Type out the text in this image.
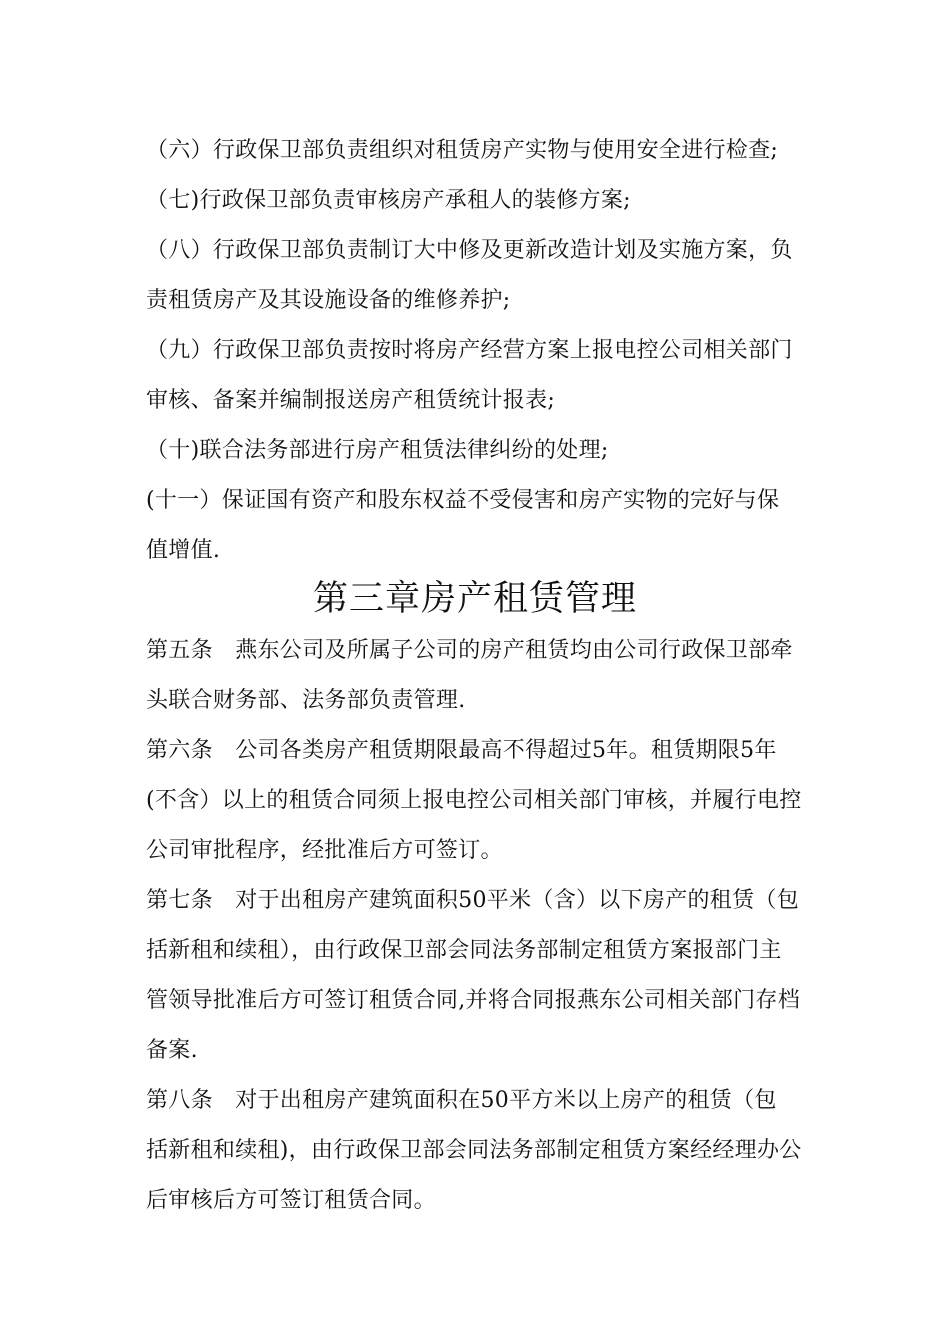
（六）行政保卫部负责组织对租赁房产实物与使用安全进行检查;
（七)行政保卫部负责审核房产承租人的装修方案;
（八）行政保卫部负责制订大中修及更新改造计划及实施方案，负
责租赁房产及其设施设备的维修养护;
（九）行政保卫部负责按时将房产经营方案上报电控公司相关部门
审核、备案并编制报送房产租赁统计报表;
（十)联合法务部进行房产租赁法律纠纷的处理;
(十一）保证国有资产和股东权益不受侵害和房产实物的完好与保
值增值.
第三章房产租赁管理
第五条　燕东公司及所属子公司的房产租赁均由公司行政保卫部牵
头联合财务部、法务部负责管理.
第六条　公司各类房产租赁期限最高不得超过5年。租赁期限5年
(不含）以上的租赁合同须上报电控公司相关部门审核，并履行电控
公司审批程序，经批准后方可签订。
第七条　对于出租房产建筑面积50平米（含）以下房产的租赁（包
括新租和续租），由行政保卫部会同法务部制定租赁方案报部门主
管领导批准后方可签订租赁合同,并将合同报燕东公司相关部门存档
备案.
第八条　对于出租房产建筑面积在50平方米以上房产的租赁（包
括新租和续租)，由行政保卫部会同法务部制定租赁方案经经理办公
后审核后方可签订租赁合同。
